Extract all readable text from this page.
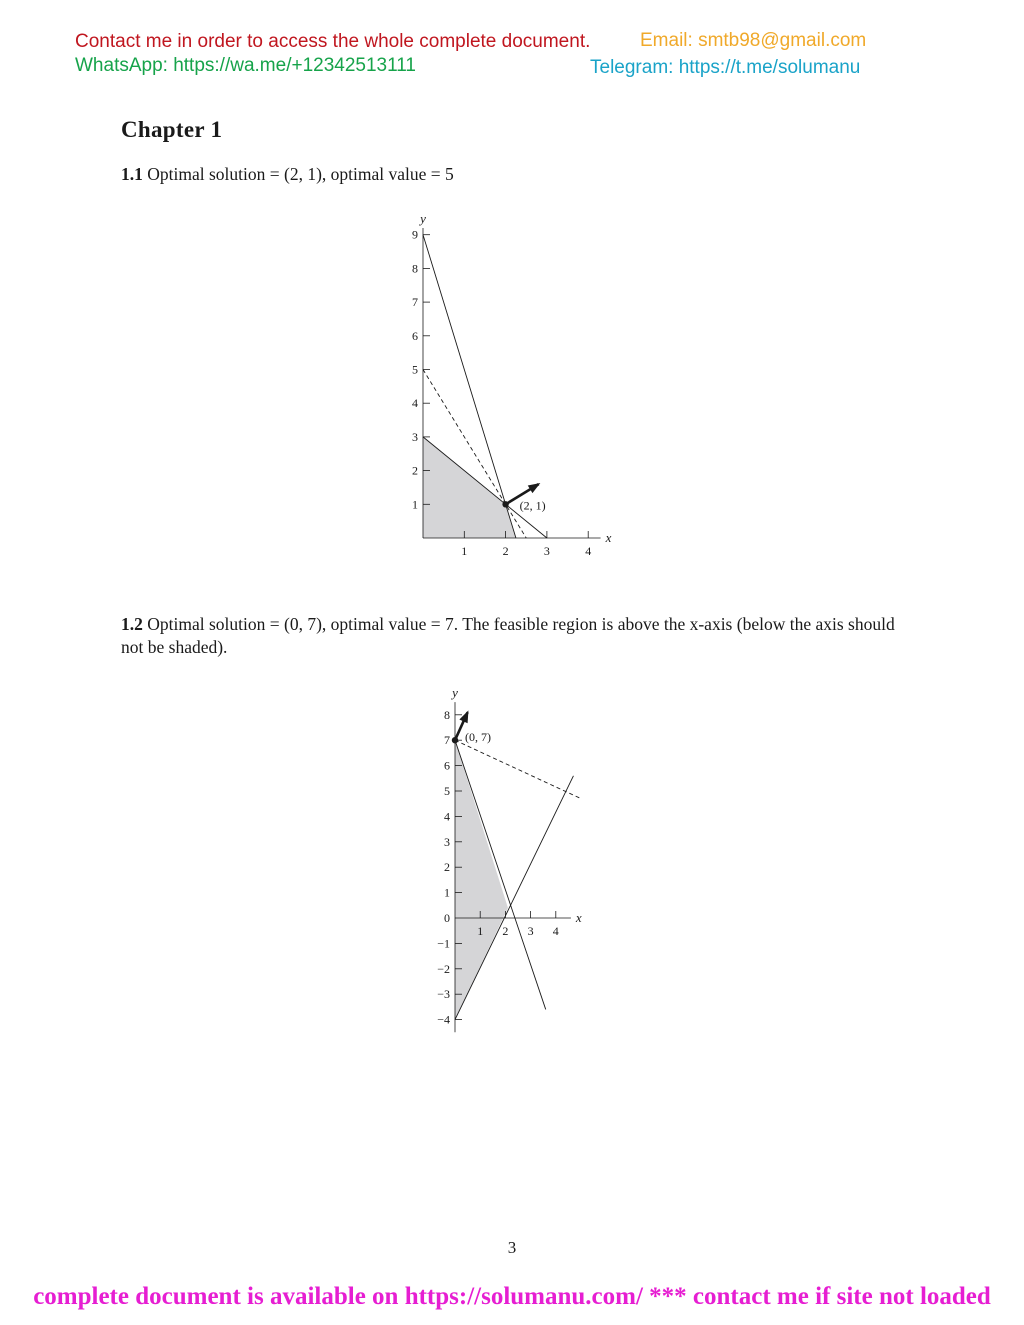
Contact me in order to access the whole complete document.	Email: smtb98@gmail.com
WhatsApp: https://wa.me/+12342513111	Telegram: https://t.me/solumanu
Chapter 1

1.1 Optimal solution = (2, 1), optimal value = 5

1	2	3	4
1
2
3
4
5
6
7
8
9
x
y
(2, 1)

1.2 Optimal solution = (0, 7), optimal value = 7. The feasible region is above the x-axis (below the axis should not be shaded).

1 2 3 4
−4
−3
−2
−1
0
1
2
3
4
5
6
7
8
x
y
(0, 7)
3
complete document is available on https://solumanu.com/ *** contact me if site not loaded
